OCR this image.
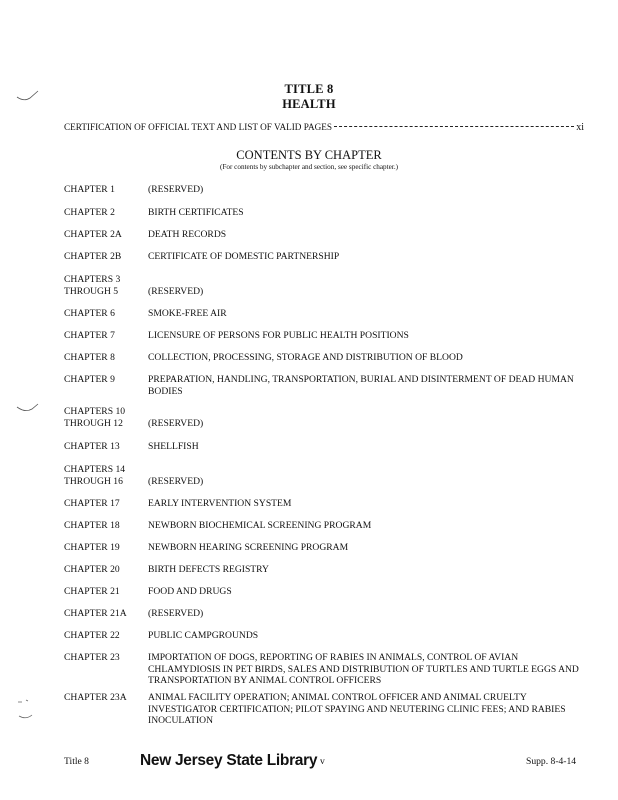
TITLE 8
HEALTH
CERTIFICATION OF OFFICIAL TEXT AND LIST OF VALID PAGES	xi
CONTENTS BY CHAPTER
(For contents by subchapter and section, see specific chapter.)
CHAPTER 1	(RESERVED)
CHAPTER 2	BIRTH CERTIFICATES
CHAPTER 2A	DEATH RECORDS
CHAPTER 2B	CERTIFICATE OF DOMESTIC PARTNERSHIP
CHAPTERS 3
THROUGH 5	(RESERVED)
CHAPTER 6	SMOKE-FREE AIR
CHAPTER 7	LICENSURE OF PERSONS FOR PUBLIC HEALTH POSITIONS
CHAPTER 8	COLLECTION, PROCESSING, STORAGE AND DISTRIBUTION OF BLOOD
CHAPTER 9	PREPARATION, HANDLING, TRANSPORTATION, BURIAL AND DISINTERMENT OF DEAD HUMAN BODIES
CHAPTERS 10
THROUGH 12	(RESERVED)
CHAPTER 13	SHELLFISH
CHAPTERS 14
THROUGH 16	(RESERVED)
CHAPTER 17	EARLY INTERVENTION SYSTEM
CHAPTER 18	NEWBORN BIOCHEMICAL SCREENING PROGRAM
CHAPTER 19	NEWBORN HEARING SCREENING PROGRAM
CHAPTER 20	BIRTH DEFECTS REGISTRY
CHAPTER 21	FOOD AND DRUGS
CHAPTER 21A	(RESERVED)
CHAPTER 22	PUBLIC CAMPGROUNDS
CHAPTER 23	IMPORTATION OF DOGS, REPORTING OF RABIES IN ANIMALS, CONTROL OF AVIAN CHLAMYDIOSIS IN PET BIRDS, SALES AND DISTRIBUTION OF TURTLES AND TURTLE EGGS AND TRANSPORTATION BY ANIMAL CONTROL OFFICERS
CHAPTER 23A	ANIMAL FACILITY OPERATION; ANIMAL CONTROL OFFICER AND ANIMAL CRUELTY INVESTIGATOR CERTIFICATION; PILOT SPAYING AND NEUTERING CLINIC FEES; AND RABIES INOCULATION
Title 8	New Jersey State Library v	Supp. 8-4-14
